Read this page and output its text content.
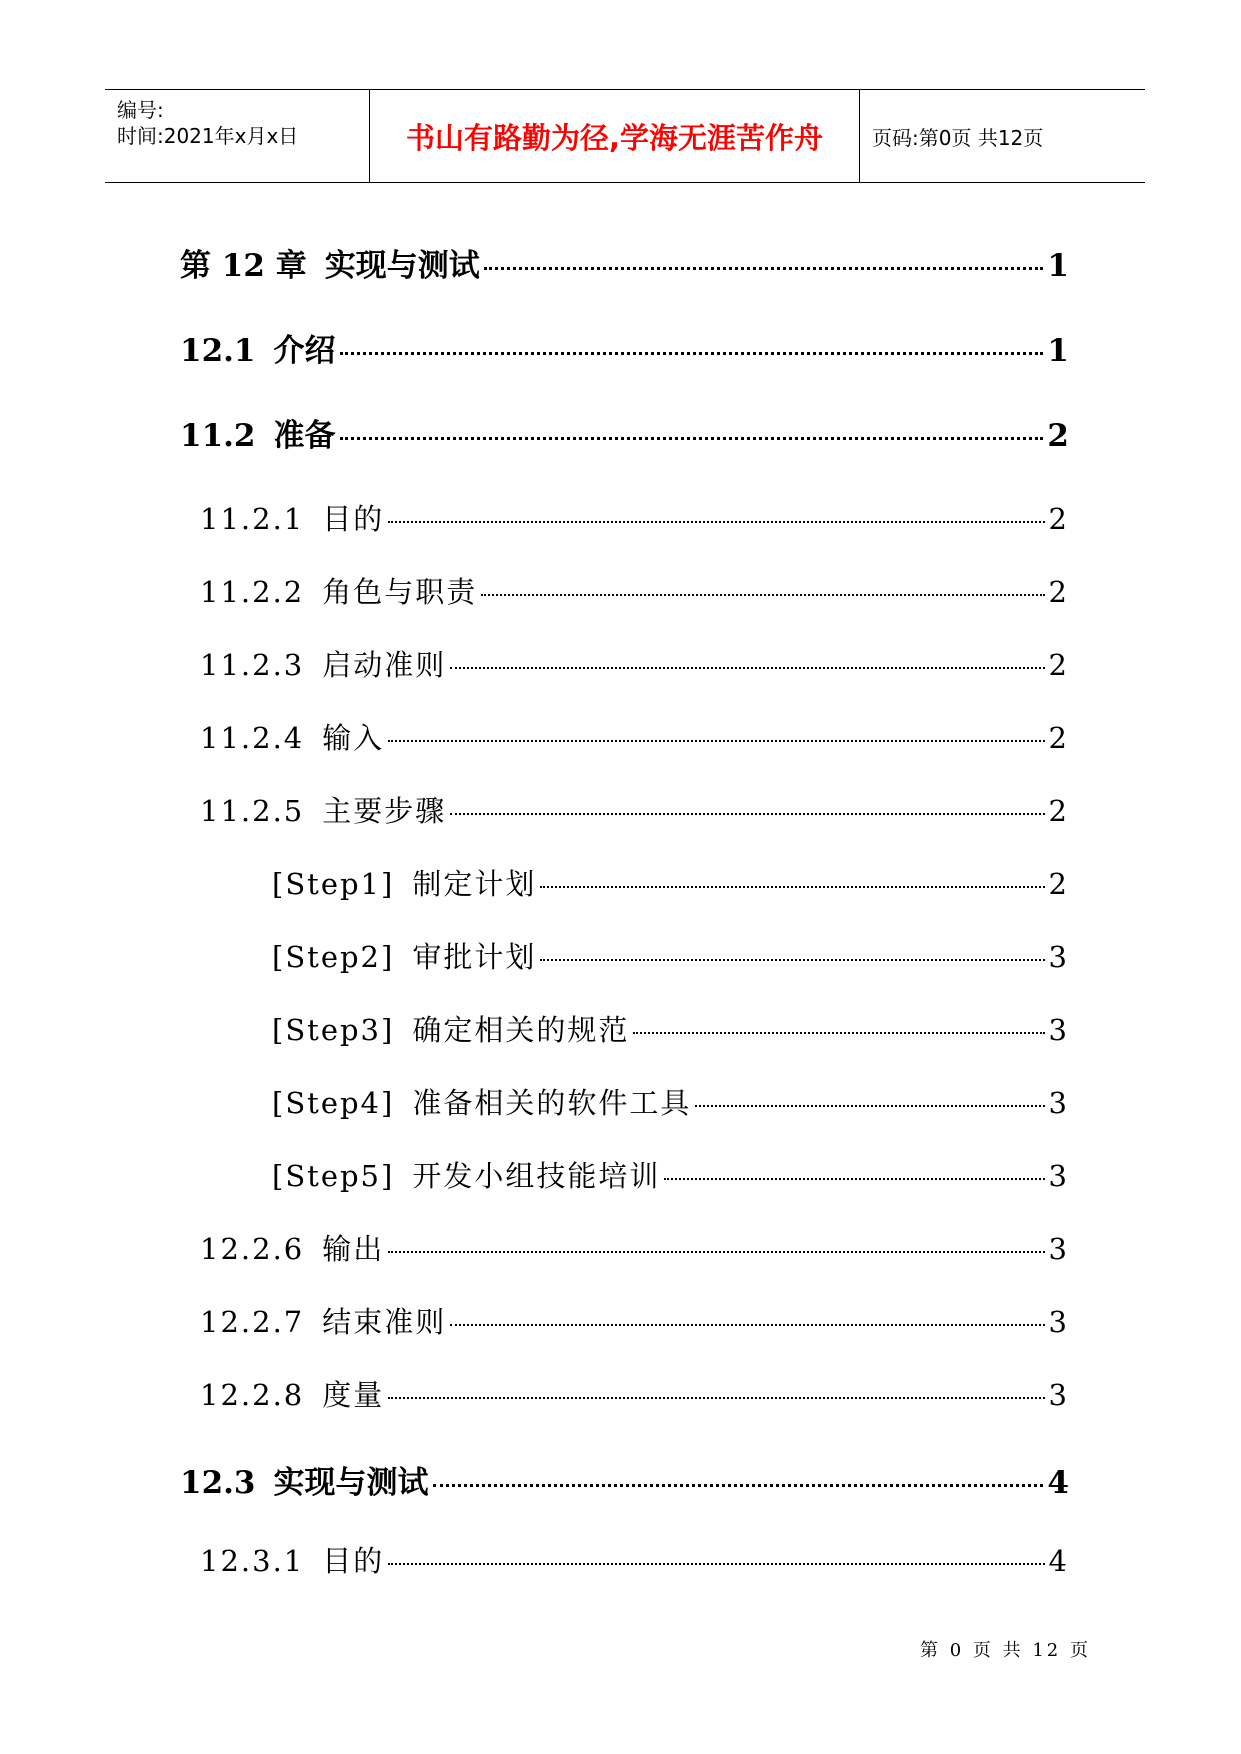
编号:
时间:2021年x月x日	书山有路勤为径,学海无涯苦作舟 页码:第0页 共12页
第 12 章 实现与测试	1
12.1 介绍	1
11.2 准备	2
11.2.1 目的	2
11.2.2 角色与职责	2
11.2.3 启动准则	2
11.2.4 输入	2
11.2.5 主要步骤	2
[Step1] 制定计划	2
[Step2] 审批计划	3
[Step3] 确定相关的规范	3
[Step4] 准备相关的软件工具	3
[Step5] 开发小组技能培训	3
12.2.6 输出	3
12.2.7 结束准则	3
12.2.8 度量	3
12.3 实现与测试	4
12.3.1 目的	4
第 0 页 共 12 页
